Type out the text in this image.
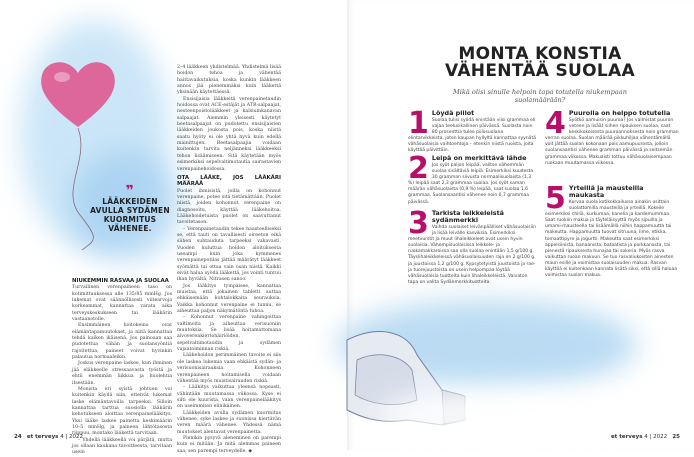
❞
LÄÄKKEIDEN AVULLA SYDÄMEN KUORMITUS VÄHENEE.
NIUKEMMIN RASVAA JA SUOLAA

Turvallinen verenpaineen taso on kotimittauksessa alle 135/85 mmHg. Jos lukemat ovat säännöllisesti viitearvoja korkeammat, kannattaa varata aika terveyskeskukseen tai lääkärin vastaanotolle.

Ensimmäinen hoitokeino ovat elämäntapamuutokset, ja niitä kannattaa tehdä kaiken ikäisenä. Jos painoaan saa pudotettua vähän ja suolansyöntiä rajoitettua, paineet voivat hyvinkin palautua normaaleiksi.

Joskus verenpaine laskee, kun ihminen jää eläkkeelle stressaavasta työstä ja ehtii enemmän liikkua ja huolehtia itsestään.

Monista eri syistä johtuen voi kuitenkin käydä niin, etteivät lukemat laske elämäntavoilla tarpeeksi. Silloin kannattaa tarttua suosiolla lääkärin kehotukseen aloittaa verenpainelääkitys. Yksi lääke laskee painetta keskimäärin 10–5 mmHg, ja paineen lähtötasosta riippuu, montako lääkettä tarvitaan.

– Yhdellä lääkkeellä voi pärjätä, mutta jos ollaan kaukana tavoitteesta, tarvitaan usein

2–4 lääkkeen yhdistelmää. Yhdistelmä lisää hoidon tehoa ja vähentää haittavaikutuksia, koska kunkin lääkkeen annos jää pienemmäksi kuin lääkettä yksinään käytettäessä.

Ensisijaisia lääkkeitä verenpainetaudin hoidossa ovat ACE-estäjät ja ATR-salpaajat, nesteenpoistolääkkeet ja kalsiumkanavan salpaajat. Aiemmin yleisesti käytetyt beetasalpaajat on pudotettu ensisijaisten lääkkeiden joukosta pois, koska niistä saatu hyöty ei ole yhtä hyvä kuin edellä mainittujen. Beetasalpaajia voidaan kuitenkin tarvita neljänneksi lääkkeeksi tehon lisäämiseen. Sitä käytetään myös esimerkiksi sepelvaltimotautia sairastavien verenpainehoidossa.

OTA LÄÄKE, JOS LÄÄKÄRI MÄÄRÄÄ

Puolet ihmisistä, joilla on kohonnut verenpaine, potee sitä tietämättään. Puolet niistä, joiden kohonnut verenpaine on diagnosoitu, käyttää lääkehoitoa. Lääkehoidetuista puolet on saavuttanut tavoitetason.

– Verenpainetaudin tekee haasteelliseksi se, että tauti on tavallisesti oireeton eikä siihen suhtauduta tarpeeksi vakavasti. Vuoden kuluttua hoidon aloituksesta useampi kuin joka kymmenes verenpainepotilas jättää määrätyt lääkkeet syömättä tai ottaa vain osan niistä. Kaikki eivät halua syödä lääkettä, jos vointi tuntuu ihan hyvältä, Nitrasen sanoo.

Jos lääkitys tympäisee, kannattaa muistaa, että jokainen tabletti auttaa ehkäisemään kohtalokkaita seurauksia. Vaikka kohonnut verenpaine ei tunnu, se aiheuttaa paljon näkymätöntä tuhoa.

– Kohonnut verenpaine vahingoittaa valtimoita ja aiheuttaa verisuoniin muutoksia. Se lisää hoitamattomana aivoverenkiertohäiriöiden, sepelvaltimotaudin ja sydämen vajaatoiminnan riskiä.

Lääkehoidon perimmäinen tavoite ei siis ole laskea lukemia vaan ehkäistä sydän- ja verisuonisairauksia. Kohonneen verenpaineen hoitamisella voidaan vähentää myös muistisairauden riskiä.

– Lääkitys vaikuttaa yleensä nopeasti, vähintään muutamassa viikossa. Kyse ei silti ole kuurista, vaan verenpainelääkitys on useimmiten elinikäinen.

Lääkkeiden avulla sydämen kuormitus vähenee, syke laskee ja suonissa kiertävän veren määrä vähenee. Yhdessä nämä muutokset alentavat verenpainetta.

Pienikin pysyvä aleneminen on parempi kuin ei mitään. Ja mitä alemmas paineen saa, sen parempi terveydelle. ◆

24 et terveys 4 | 2022	et terveys 4 | 2022 25
MONTA KONSTIA
VÄHENTÄÄ SUOLAA
Mikä olisi sinulle helpoin tapa totutella niukempaan suolamäärään?
1 Löydä piilot

Suolaa tulisi syödä enintään viisi grammaa eli vajaa teelusikallinen päivässä. Suolasta noin 80 prosenttia tulee piilosuolana elintarvikkeista, joten kaupan hyllyltä kannattaa syynätä vähäsuolaisia vaihtoehtoja – etenkin niistä ruoista, joita käyttää päivittäin.

2 Leipä on merkittävä lähde

Jos syöt paljon leipää, valitse vähemmän suolaa sisältäviä leipiä. Esimerkiksi kuudesta 30 gramman siivusta normaalisuolaista (1,3 %) leipää saat 2,3 grammaa suolaa. Jos syöt saman määrän vähäsuolaista (0,9 %) leipää, saat suolaa 1,6 grammaa. Suolansaantisi vähenee noin 0,7 grammaa päivässä.

3 Tarkista leikkeleistä sydänmerkki

Vaihda suolaiset leivänpäälliset vähäsuolaisiin ja lisää leivälle kasviksia. Esimerkiksi meetvurstit ja muut lihaleikkeleet ovat usein hyvin suolaisia. Vähempisuolaisissa leikkele- ja ruokamakkaroissa saa olla suolaa enintään 1,5 g/100 g. Täyslihaleikkeleissä vähäsuolaisuuden raja on 2 g/100 g ja juustoissa 1,2 g/100 g. Kypsytetyistä juustoista ja rae- ja tuorejuustoista on usein helpompaa löytää vähäsuolaisia tuotteita kuin lihaleikkeleistä. Vaivaton tapa on valita Sydänmerkkituotteita.

4 Puurolla on helppo totutella

Syötkö aamuisin puuroa? Jos valmistat puuron veteen ja lisäät siihen ripauksen suolaa, saat keskikokoisesta puuroannoksesta noin gramman verran suolaa. Suolan määrää pikkuhiljaa vähentämällä voit jättää suolan kokonaan pois aamupuurosta, jolloin suolansaantisi vähenee gramman päivässä ja seitsemän grammaa viikossa. Makuaisti tottuu vähäsuolaisempaan ruokaan muutamassa viikossa.

5 Yrteillä ja mausteilla maukasta

Korvaa suola kotikokkailussa ainakin osittain suolattomilla mausteilla ja yrteillä. Kokeile esimerkiksi chiliä, kurkumaa, kanelia ja kardemummaa. Saat ruokiin makua ja täyteläisyyttä myös sipuilla ja umami-mausteella tai lisäämällä niihin happamuutta tai makeutta. Happamuutta tuovat sitruuna, lime, etikka, tomaattipyre ja jogurtti. Makeutta saat esimerkiksi appelsiinista, banaanista, bataatista ja porkkanasta, tai pienestä ripauksesta hunajaa tai sokeria. Myös rasva vaikuttaa ruoan makuun. Se tuo rasvaliukoisten ainesten maun esille ja voimistaa suolaisuuden makua. Rasvan käyttöä ei kuitenkaan kannata lisätä siksi, että sillä haluaa voimistaa suolan makua.
